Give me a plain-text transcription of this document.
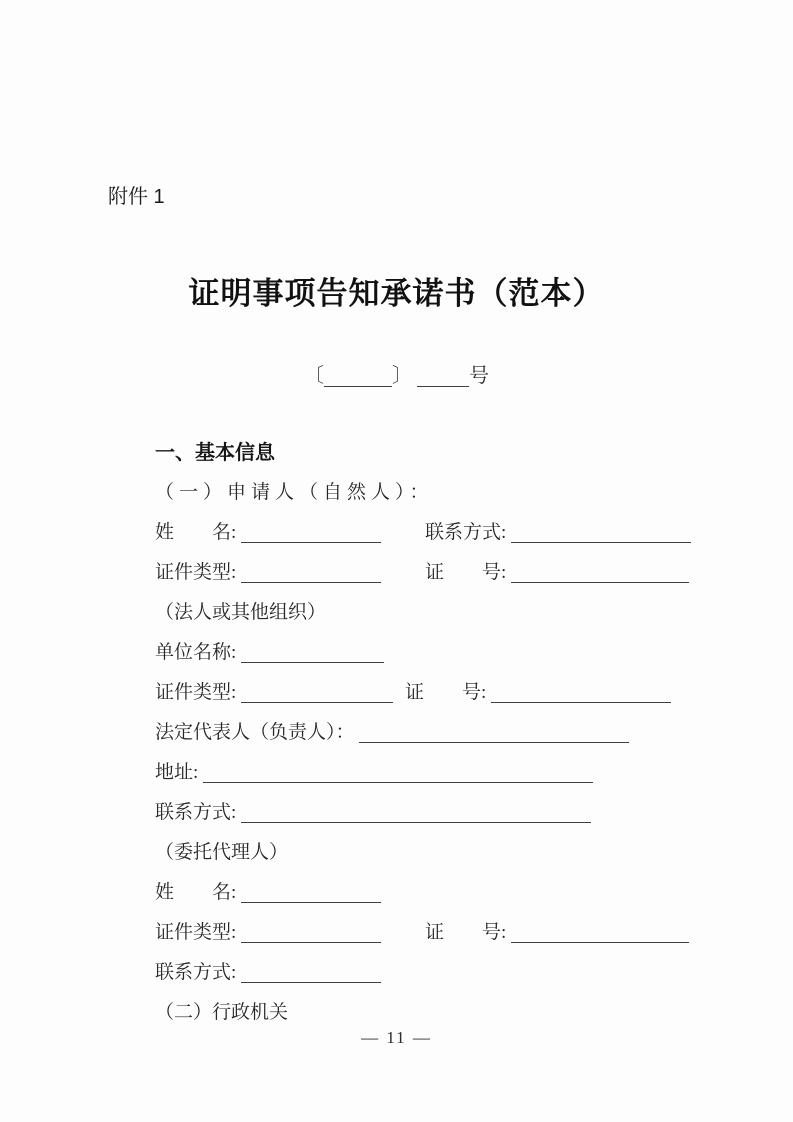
附件 1
证明事项告知承诺书（范本）
〔	〕	号
一、基本信息
（一）申请人（自然人）：
姓　　名:	联系方式:
证件类型:	证　　号:
（法人或其他组织）
单位名称:
证件类型:	证　　号:
法定代表人（负责人）：
地址:
联系方式:
（委托代理人）
姓　　名:
证件类型:	证　　号:
联系方式:
（二）行政机关
— 11 —
